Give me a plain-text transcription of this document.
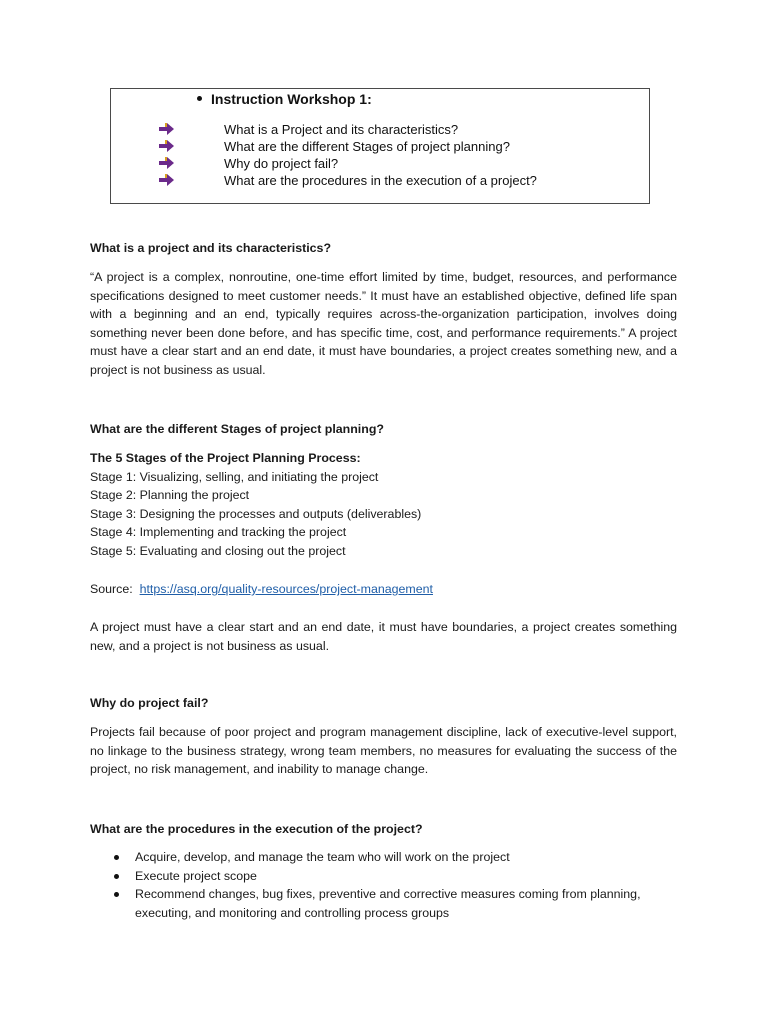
Instruction Workshop 1:
What is a Project and its characteristics?
What are the different Stages of project planning?
Why do project fail?
What are the procedures in the execution of a project?
What is a project and its characteristics?
“A project is a complex, nonroutine, one-time effort limited by time, budget, resources, and performance specifications designed to meet customer needs.” It must have an established objective, defined life span with a beginning and an end, typically requires across-the-organization participation, involves doing something never been done before, and has specific time, cost, and performance requirements.” A project must have a clear start and an end date, it must have boundaries, a project creates something new, and a project is not business as usual.
What are the different Stages of project planning?
The 5 Stages of the Project Planning Process:
Stage 1: Visualizing, selling, and initiating the project
Stage 2: Planning the project
Stage 3: Designing the processes and outputs (deliverables)
Stage 4: Implementing and tracking the project
Stage 5: Evaluating and closing out the project
Source: https://asq.org/quality-resources/project-management
A project must have a clear start and an end date, it must have boundaries, a project creates something new, and a project is not business as usual.
Why do project fail?
Projects fail because of poor project and program management discipline, lack of executive-level support, no linkage to the business strategy, wrong team members, no measures for evaluating the success of the project, no risk management, and inability to manage change.
What are the procedures in the execution of the project?
Acquire, develop, and manage the team who will work on the project
Execute project scope
Recommend changes, bug fixes, preventive and corrective measures coming from planning, executing, and monitoring and controlling process groups
